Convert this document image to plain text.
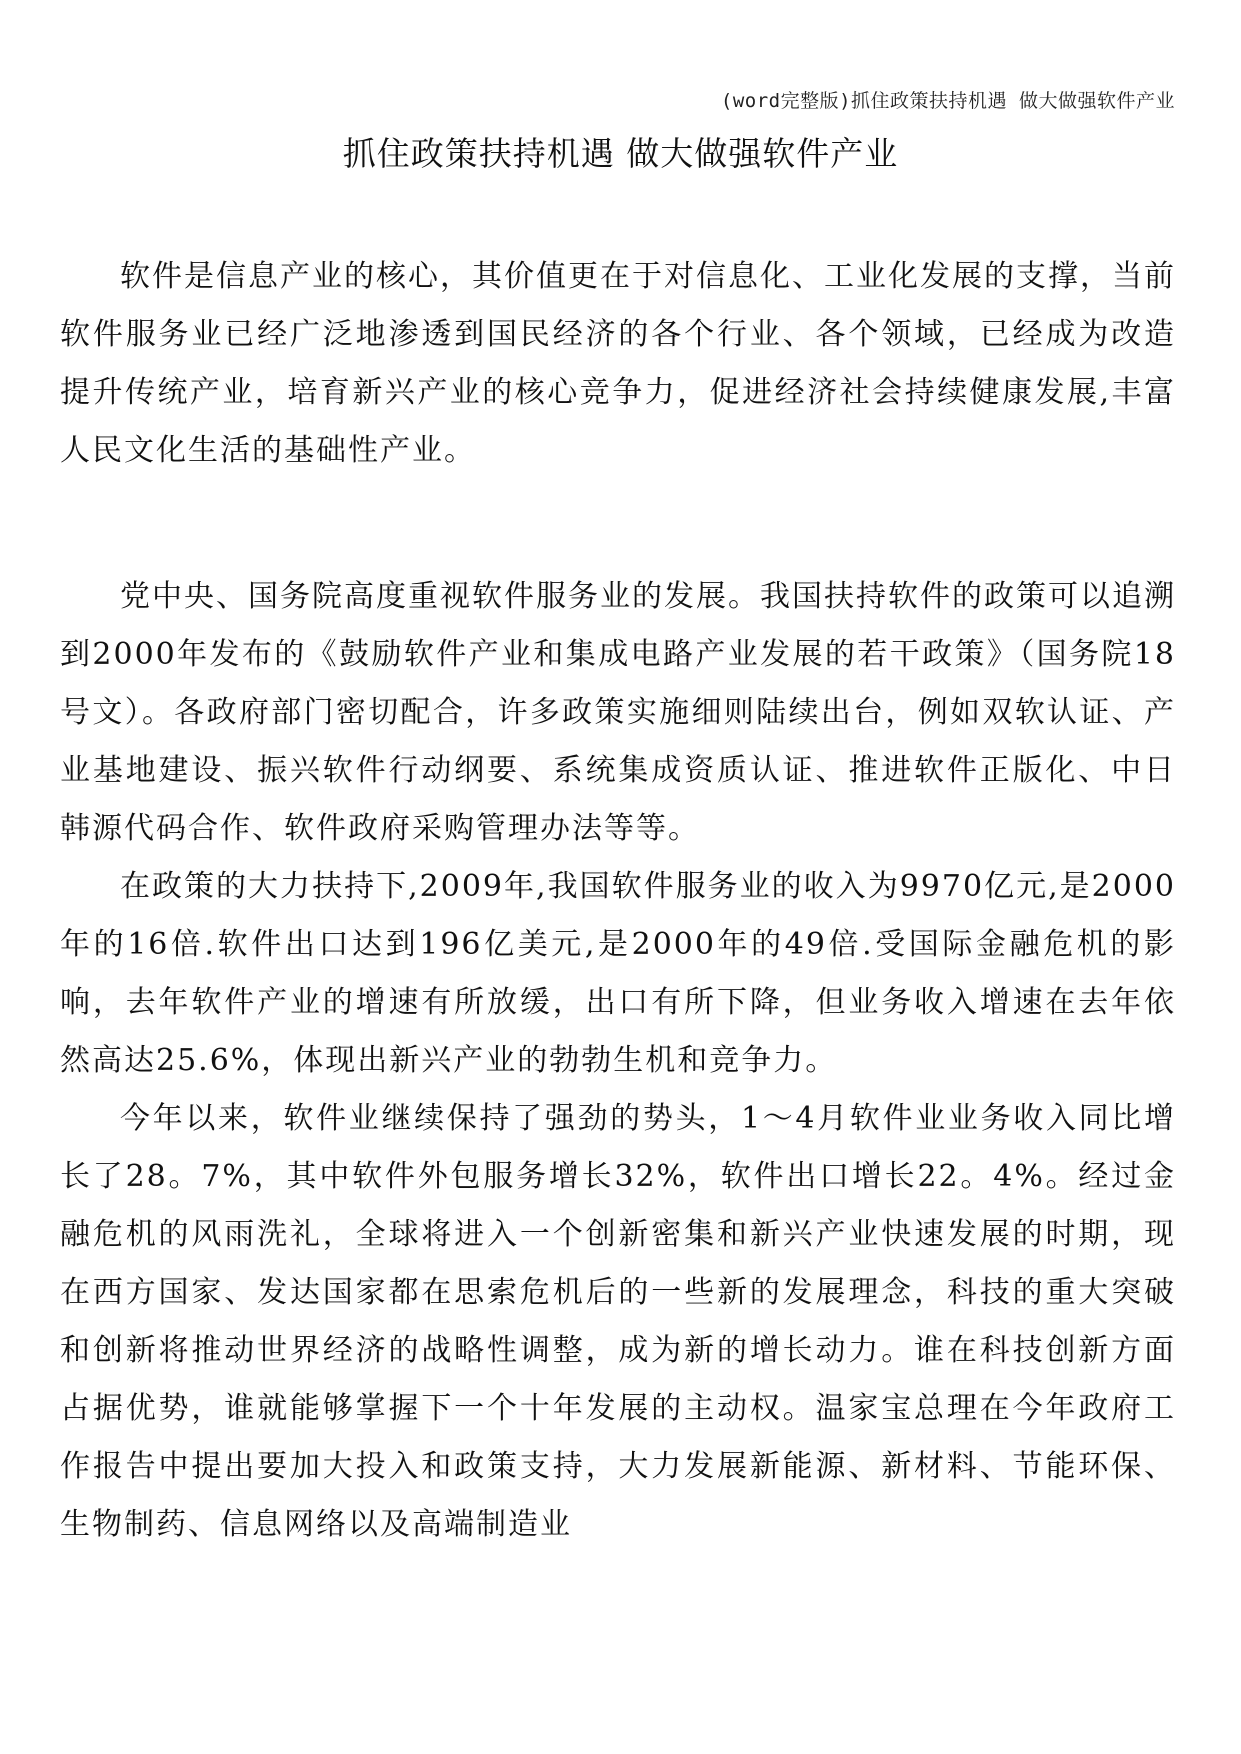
(word完整版)抓住政策扶持机遇 做大做强软件产业
抓住政策扶持机遇 做大做强软件产业

软件是信息产业的核心，其价值更在于对信息化、工业化发展的支撑，当前软件服务业已经广泛地渗透到国民经济的各个行业、各个领域，已经成为改造提升传统产业，培育新兴产业的核心竞争力，促进经济社会持续健康发展,丰富人民文化生活的基础性产业。

党中央、国务院高度重视软件服务业的发展。我国扶持软件的政策可以追溯到2000年发布的《鼓励软件产业和集成电路产业发展的若干政策》（国务院18号文）。各政府部门密切配合，许多政策实施细则陆续出台，例如双软认证、产业基地建设、振兴软件行动纲要、系统集成资质认证、推进软件正版化、中日韩源代码合作、软件政府采购管理办法等等。

在政策的大力扶持下,2009年,我国软件服务业的收入为9970亿元,是2000年的16倍.软件出口达到196亿美元,是2000年的49倍.受国际金融危机的影响，去年软件产业的增速有所放缓，出口有所下降，但业务收入增速在去年依然高达25.6%，体现出新兴产业的勃勃生机和竞争力。

今年以来，软件业继续保持了强劲的势头，1～4月软件业业务收入同比增长了28。7%，其中软件外包服务增长32%，软件出口增长22。4%。经过金融危机的风雨洗礼，全球将进入一个创新密集和新兴产业快速发展的时期，现在西方国家、发达国家都在思索危机后的一些新的发展理念，科技的重大突破和创新将推动世界经济的战略性调整，成为新的增长动力。谁在科技创新方面占据优势，谁就能够掌握下一个十年发展的主动权。温家宝总理在今年政府工作报告中提出要加大投入和政策支持，大力发展新能源、新材料、节能环保、生物制药、信息网络以及高端制造业
